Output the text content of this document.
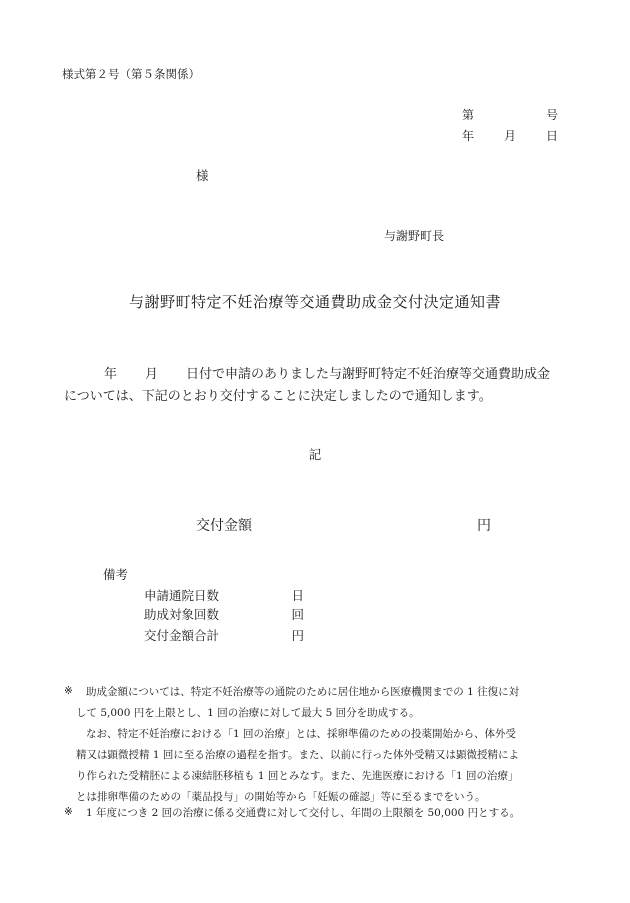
様式第２号（第５条関係）
第	号
年 月 日
様
与謝野町長
与謝野町特定不妊治療等交通費助成金交付決定通知書
年 月 日付で申請のありました与謝野町特定不妊治療等交通費助成金
については、下記のとおり交付することに決定しましたので通知します。
記
交付金額	円
備考
申請通院日数	日
助成対象回数	回
交付金額合計	円
※ 助成金額については、特定不妊治療等の通院のために居住地から医療機関までの 1 往復に対
して 5,000 円を上限とし、1 回の治療に対して最大 5 回分を助成する。
なお、特定不妊治療における「1 回の治療」とは、採卵準備のための投薬開始から、体外受
精又は顕微授精 1 回に至る治療の過程を指す。また、以前に行った体外受精又は顕微授精によ
り作られた受精胚による凍結胚移植も 1 回とみなす。また、先進医療における「1 回の治療」
とは排卵準備のための「薬品投与」の開始等から「妊娠の確認」等に至るまでをいう。
※ 1 年度につき 2 回の治療に係る交通費に対して交付し、年間の上限額を 50,000 円とする。
